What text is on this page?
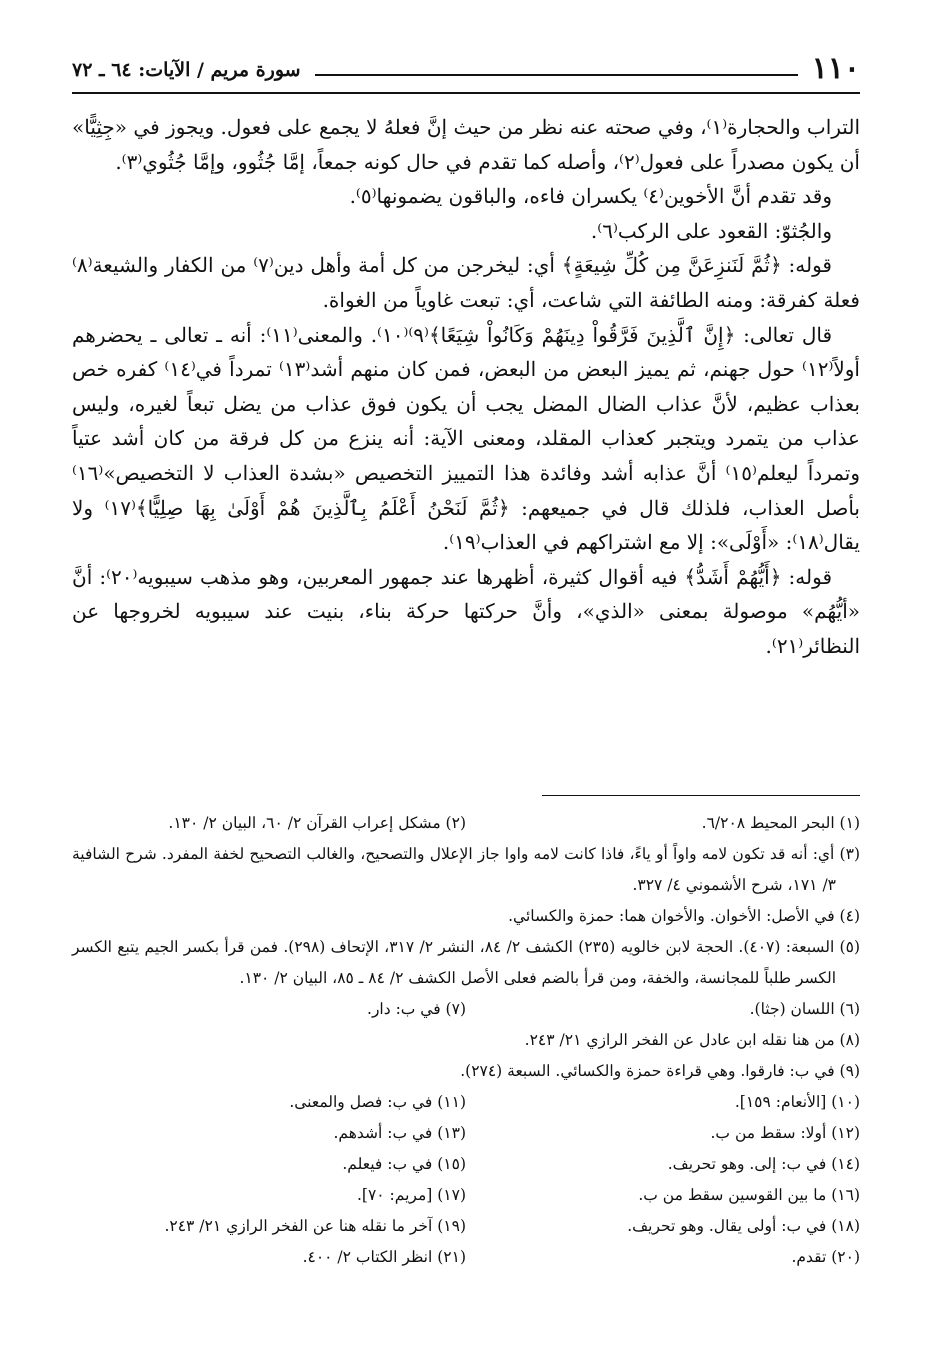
١١٠
سورة مريم / الآيات: ٦٤ ـ ٧٢

التراب والحجارة⁽١⁾، وفي صحته عنه نظر من حيث إنَّ فعلهُ لا يجمع على فعول. ويجوز في «جِثِيًّا» أن يكون مصدراً على فعول⁽٢⁾، وأصله كما تقدم في حال كونه جمعاً، إمَّا جُثُوو، وإمَّا جُثُوي⁽٣⁾.

وقد تقدم أنَّ الأخوين⁽٤⁾ يكسران فاءه، والباقون يضمونها⁽٥⁾.

والجُثوّ: القعود على الركب⁽٦⁾.

قوله: ﴿ثُمَّ لَنَنزِعَنَّ مِن كُلِّ شِيعَةٍ﴾ أي: ليخرجن من كل أمة وأهل دين⁽٧⁾ من الكفار والشيعة⁽٨⁾ فعلة كفرقة: ومنه الطائفة التي شاعت، أي: تبعت غاوياً من الغواة.

قال تعالى: ﴿إِنَّ ٱلَّذِينَ فَرَّقُواْ دِينَهُمْ وَكَانُواْ شِيَعًا﴾⁽٩⁾⁽١٠⁾. والمعنى⁽١١⁾: أنه ـ تعالى ـ يحضرهم أولاً⁽١٢⁾ حول جهنم، ثم يميز البعض من البعض، فمن كان منهم أشد⁽١٣⁾ تمرداً في⁽١٤⁾ كفره خص بعذاب عظيم، لأنَّ عذاب الضال المضل يجب أن يكون فوق عذاب من يضل تبعاً لغيره، وليس عذاب من يتمرد ويتجبر كعذاب المقلد، ومعنى الآية: أنه ينزع من كل فرقة من كان أشد عتياً وتمرداً ليعلم⁽١٥⁾ أنَّ عذابه أشد وفائدة هذا التمييز التخصيص «بشدة العذاب لا التخصيص»⁽١٦⁾ بأصل العذاب، فلذلك قال في جميعهم: ﴿ثُمَّ لَنَحْنُ أَعْلَمُ بِٱلَّذِينَ هُمْ أَوْلَىٰ بِهَا صِلِيًّا﴾⁽١٧⁾ ولا يقال⁽١٨⁾: «أَوْلَى»: إلا مع اشتراكهم في العذاب⁽١٩⁾.

قوله: ﴿أَيُّهُمْ أَشَدُّ﴾ فيه أقوال كثيرة، أظهرها عند جمهور المعربين، وهو مذهب سيبويه⁽٢٠⁾: أنَّ «أيُّهُم» موصولة بمعنى «الذي»، وأنَّ حركتها حركة بناء، بنيت عند سيبويه لخروجها عن النظائر⁽٢١⁾.

(١) البحر المحيط ٦/٢٠٨.
(٢) مشكل إعراب القرآن ٢/ ٦٠، البيان ٢/ ١٣٠.
(٣) أي: أنه قد تكون لامه واواً أو ياءً، فاذا كانت لامه واوا جاز الإعلال والتصحيح، والغالب التصحيح لخفة المفرد. شرح الشافية ٣/ ١٧١، شرح الأشموني ٤/ ٣٢٧.
(٤) في الأصل: الأخوان. والأخوان هما: حمزة والكسائي.
(٥) السبعة: (٤٠٧). الحجة لابن خالويه (٢٣٥) الكشف ٢/ ٨٤، النشر ٢/ ٣١٧، الإتحاف (٢٩٨). فمن قرأ بكسر الجيم يتبع الكسر الكسر طلباً للمجانسة، والخفة، ومن قرأ بالضم فعلى الأصل الكشف ٢/ ٨٤ ـ ٨٥، البيان ٢/ ١٣٠.
(٦) اللسان (جثا).
(٧) في ب: دار.
(٨) من هنا نقله ابن عادل عن الفخر الرازي ٢١/ ٢٤٣.
(٩) في ب: فارقوا. وهي قراءة حمزة والكسائي. السبعة (٢٧٤).
(١٠) [الأنعام: ١٥٩].
(١١) في ب: فصل والمعنى.
(١٢) أولا: سقط من ب.
(١٣) في ب: أشدهم.
(١٤) في ب: إلى. وهو تحريف.
(١٥) في ب: فيعلم.
(١٦) ما بين القوسين سقط من ب.
(١٧) [مريم: ٧٠].
(١٨) في ب: أولى يقال. وهو تحريف.
(١٩) آخر ما نقله هنا عن الفخر الرازي ٢١/ ٢٤٣.
(٢٠) تقدم.
(٢١) انظر الكتاب ٢/ ٤٠٠.
